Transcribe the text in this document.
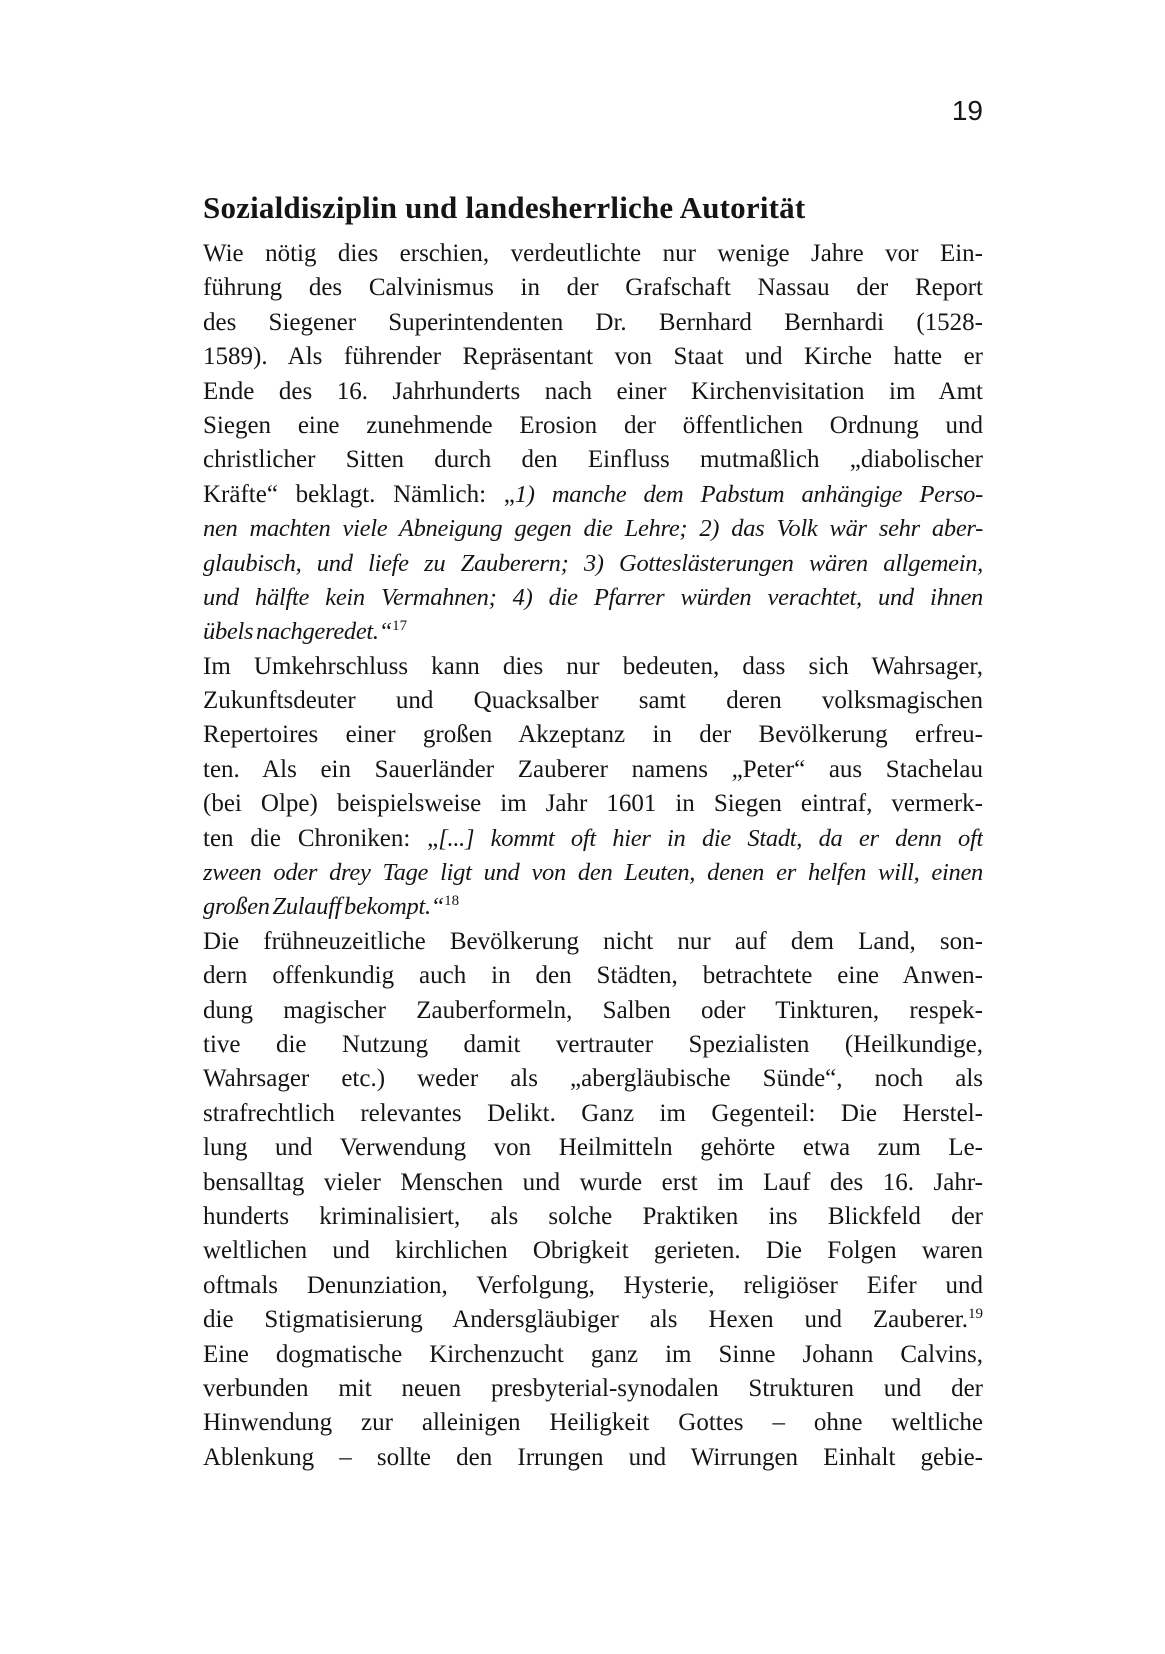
19
Sozialdisziplin und landesherrliche Autorität
Wie nötig dies erschien, verdeutlichte nur wenige Jahre vor Ein-
führung des Calvinismus in der Grafschaft Nassau der Report
des Siegener Superintendenten Dr. Bernhard Bernhardi (1528-
1589). Als führender Repräsentant von Staat und Kirche hatte er
Ende des 16. Jahrhunderts nach einer Kirchenvisitation im Amt
Siegen eine zunehmende Erosion der öffentlichen Ordnung und
christlicher Sitten durch den Einfluss mutmaßlich „diabolischer
Kräfte“ beklagt. Nämlich: „1) manche dem Pabstum anhängige Perso-
nen machten viele Abneigung gegen die Lehre; 2) das Volk wär sehr aber-
glaubisch, und liefe zu Zauberern; 3) Gotteslästerungen wären allgemein,
und hälfte kein Vermahnen; 4) die Pfarrer würden verachtet, und ihnen
übels nachgeredet.“$^{17}$
Im Umkehrschluss kann dies nur bedeuten, dass sich Wahrsager,
Zukunftsdeuter und Quacksalber samt deren volksmagischen
Repertoires einer großen Akzeptanz in der Bevölkerung erfreu-
ten. Als ein Sauerländer Zauberer namens „Peter“ aus Stachelau
(bei Olpe) beispielsweise im Jahr 1601 in Siegen eintraf, vermerk-
ten die Chroniken: „[...] kommt oft hier in die Stadt, da er denn oft
zween oder drey Tage ligt und von den Leuten, denen er helfen will, einen
großen Zulauff bekompt.“$^{18}$
Die frühneuzeitliche Bevölkerung nicht nur auf dem Land, son-
dern offenkundig auch in den Städten, betrachtete eine Anwen-
dung magischer Zauberformeln, Salben oder Tinkturen, respek-
tive die Nutzung damit vertrauter Spezialisten (Heilkundige,
Wahrsager etc.) weder als „abergläubische Sünde“, noch als
strafrechtlich relevantes Delikt. Ganz im Gegenteil: Die Herstel-
lung und Verwendung von Heilmitteln gehörte etwa zum Le-
bensalltag vieler Menschen und wurde erst im Lauf des 16. Jahr-
hunderts kriminalisiert, als solche Praktiken ins Blickfeld der
weltlichen und kirchlichen Obrigkeit gerieten. Die Folgen waren
oftmals Denunziation, Verfolgung, Hysterie, religiöser Eifer und
die Stigmatisierung Andersgläubiger als Hexen und Zauberer.$^{19}$
Eine dogmatische Kirchenzucht ganz im Sinne Johann Calvins,
verbunden mit neuen presbyterial-synodalen Strukturen und der
Hinwendung zur alleinigen Heiligkeit Gottes – ohne weltliche
Ablenkung – sollte den Irrungen und Wirrungen Einhalt gebie-
